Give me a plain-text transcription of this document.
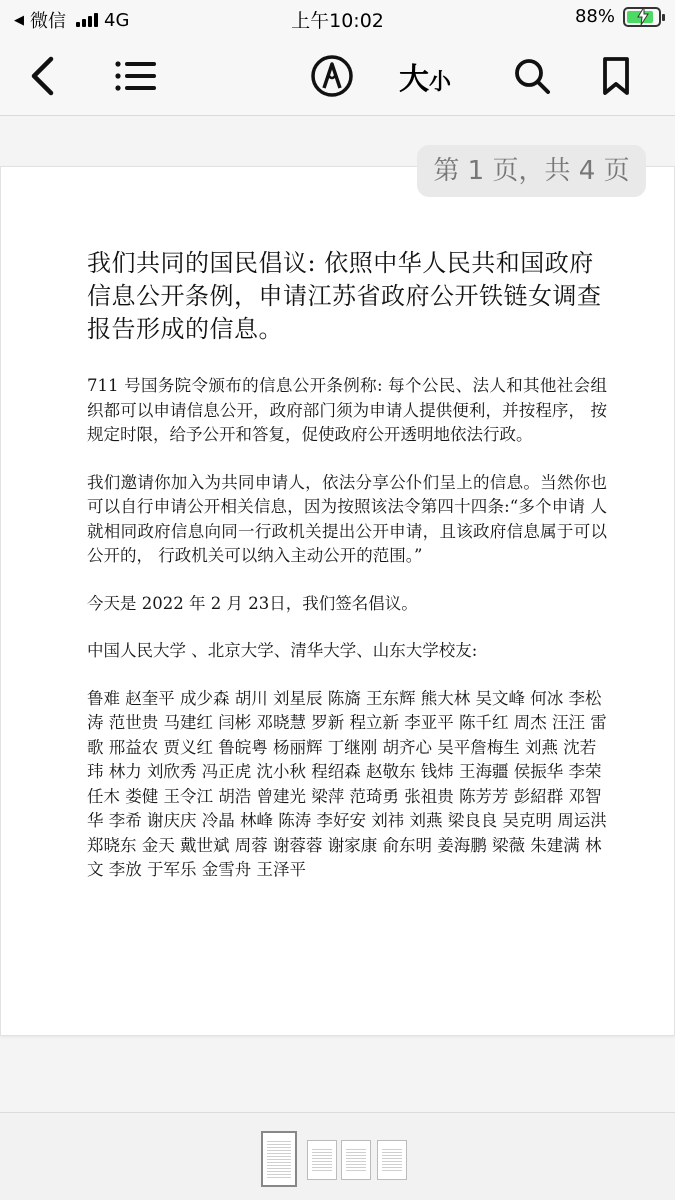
◀ 微信 4G	上午10:02	88%
大 小
第 1 页，共 4 页
我们共同的国民倡议: 依照中华人民共和国政府信息公开条例，申请江苏省政府公开铁链女调查报告形成的信息。
711 号国务院令颁布的信息公开条例称: 每个公民、法人和其他社会组织都可以申请信息公开，政府部门须为申请人提供便利，并按程序， 按规定时限，给予公开和答复，促使政府公开透明地依法行政。
我们邀请你加入为共同申请人，依法分享公仆们呈上的信息。当然你也可以自行申请公开相关信息，因为按照该法令第四十四条:“多个申请 人就相同政府信息向同一行政机关提出公开申请，且该政府信息属于可以公开的， 行政机关可以纳入主动公开的范围。”
今天是 2022 年 2 月 23日，我们签名倡议。
中国人民大学 、北京大学、清华大学、山东大学校友:
鲁难 赵奎平 成少森 胡川 刘星辰 陈旖 王东辉 熊大林 吴文峰 何冰 李松涛 范世贵 马建红 闫彬 邓晓慧 罗新 程立新 李亚平 陈千红 周杰 汪汪 雷歌 邢益农 贾义红 鲁皖粤 杨丽辉 丁继刚 胡齐心 吴平詹梅生 刘燕 沈若玮 林力 刘欣秀 冯正虎 沈小秋 程绍森 赵敬东 钱炜 王海疆 侯振华 李荣 任木 娄健 王令江 胡浩 曾建光 梁萍 范琦勇 张祖贵 陈芳芳 彭紹群 邓智华 李希 谢庆庆 冷晶 林峰 陈涛 李好安 刘祎 刘燕 梁良良 吴克明 周运洪 郑晓东 金天 戴世斌 周蓉 谢蓉蓉 谢家康 俞东明 姜海鹏 梁薇 朱建满 林文 李放 于军乐 金雪舟 王泽平
